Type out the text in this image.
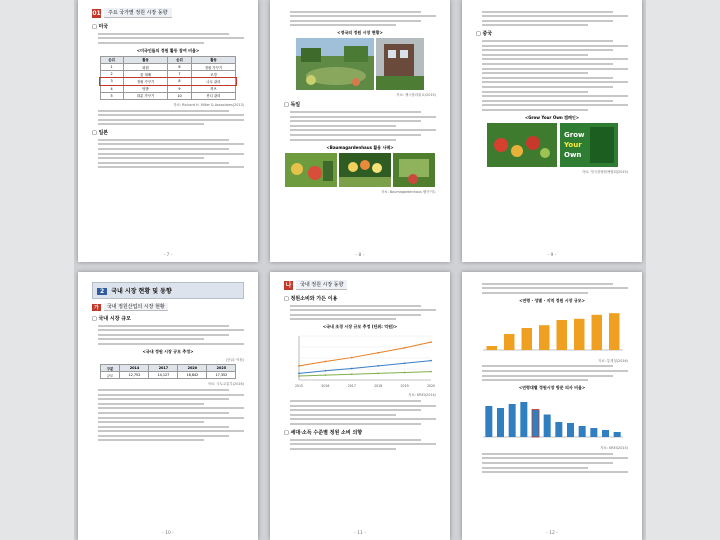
01	주요 국가별 정원 시장 동향
□ 미국
<미국인들의 정원 활동 참여 비율>
순위	활동	순위	활동
1	화원	6	정원 가꾸기
2	꽃 재배	7	조경
3	정원 가꾸기	8	나무 관리
4	텃밭	9	허브
5	화분 가꾸기	10	잔디 관리
자료: Richard H. Miller & Associates(2013)
□ 일본
- 7 -
<영국의 정원 시장 현황>
자료: 첼시플라워쇼(2015)
□ 독일
<Baumagardenhaus 활용 사례>
자료: Baumagardenhaus 웹사이트
- 8 -
□ 중국
<Grow Your Own 캠페인>
Grow
Your
Own
자료: 영국왕립원예협회(2015)
- 9 -
2 국내 시장 현황 및 동향
가	국내 정원산업의 시장 현황
□ 국내 시장 규모
<국내 정원 시장 규모 추정>
(단위: 억원)
구분	2014	2017	2020	2025
규모	12,752	14,127	16,842	17,352
자료: 국토교통부(2016)
- 10 -
나	국내 정원 시장 동향
□ 정원소비와 가든 이용
<국내 조경 시장 규모 추정 (단위: 억원)>
2015	2016	2017	2018	2019	2020
자료: KREI(2014)
□ 세대·소득 수준별 정원 소비 의향
- 11 -
<연령 · 성별 · 지역 정원 시장 규모>
자료: 통계청(2016)
<연령대별 정원시장 방문 의사 비율>
자료: KREI(2015)
- 12 -
